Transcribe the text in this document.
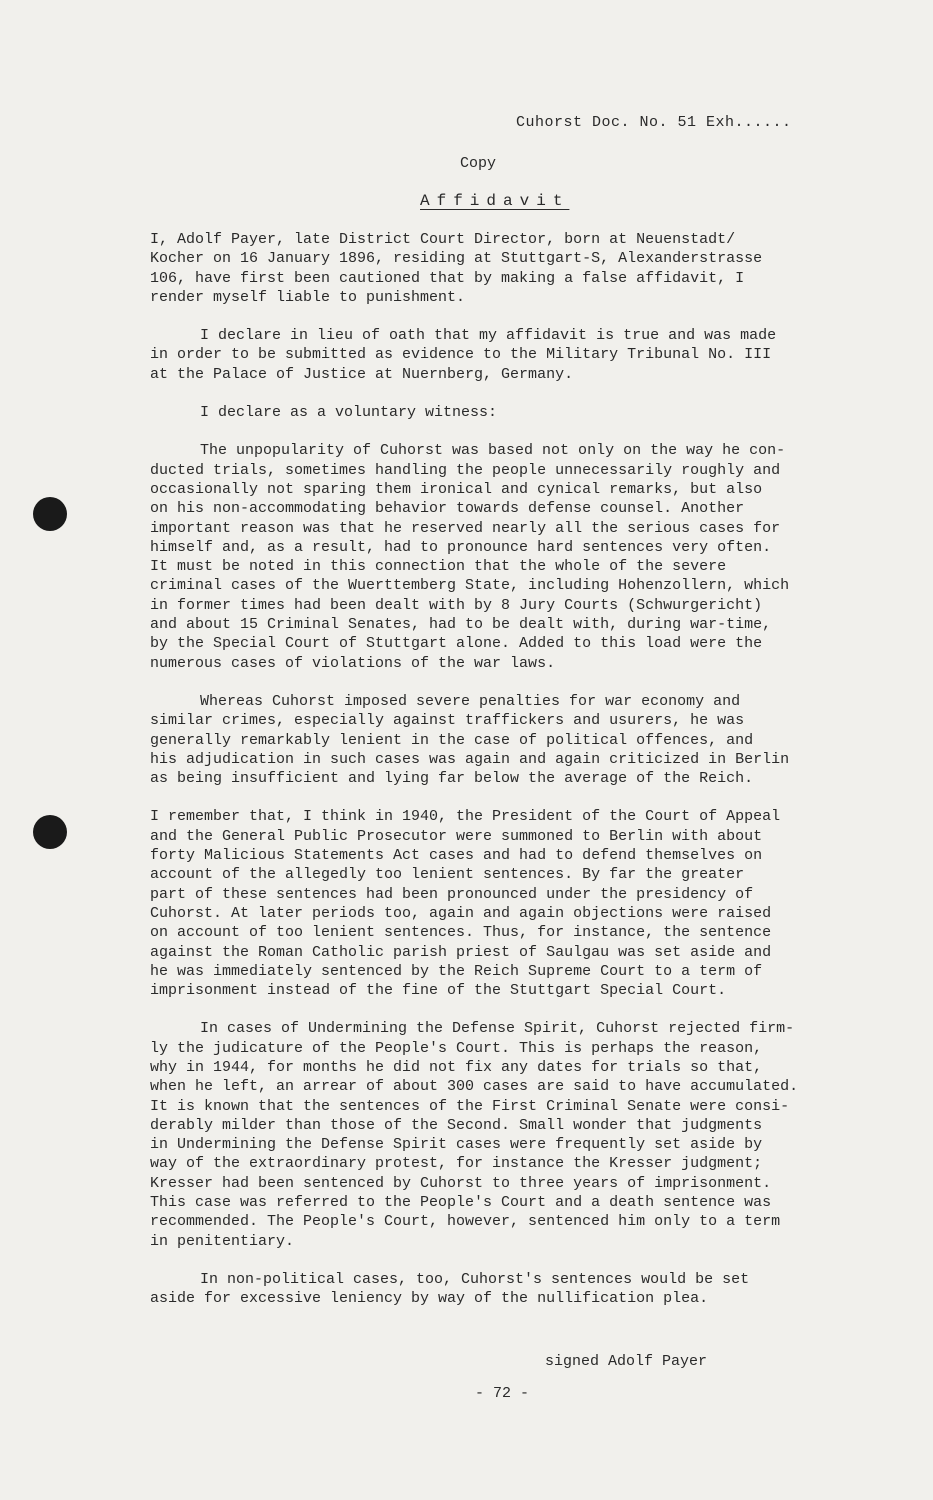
Cuhorst Doc. No. 51 Exh......
Copy
Affidavit

I, Adolf Payer, late District Court Director, born at Neuenstadt/
Kocher on 16 January 1896, residing at Stuttgart-S, Alexanderstrasse
106, have first been cautioned that by making a false affidavit, I
render myself liable to punishment.

I declare in lieu of oath that my affidavit is true and was made
in order to be submitted as evidence to the Military Tribunal No. III
at the Palace of Justice at Nuernberg, Germany.

I declare as a voluntary witness:

The unpopularity of Cuhorst was based not only on the way he con-
ducted trials, sometimes handling the people unnecessarily roughly and
occasionally not sparing them ironical and cynical remarks, but also
on his non-accommodating behavior towards defense counsel. Another
important reason was that he reserved nearly all the serious cases for
himself and, as a result, had to pronounce hard sentences very often.
It must be noted in this connection that the whole of the severe
criminal cases of the Wuerttemberg State, including Hohenzollern, which
in former times had been dealt with by 8 Jury Courts (Schwurgericht)
and about 15 Criminal Senates, had to be dealt with, during war-time,
by the Special Court of Stuttgart alone. Added to this load were the
numerous cases of violations of the war laws.

Whereas Cuhorst imposed severe penalties for war economy and
similar crimes, especially against traffickers and usurers, he was
generally remarkably lenient in the case of political offences, and
his adjudication in such cases was again and again criticized in Berlin
as being insufficient and lying far below the average of the Reich.

I remember that, I think in 1940, the President of the Court of Appeal
and the General Public Prosecutor were summoned to Berlin with about
forty Malicious Statements Act cases and had to defend themselves on
account of the allegedly too lenient sentences. By far the greater
part of these sentences had been pronounced under the presidency of
Cuhorst. At later periods too, again and again objections were raised
on account of too lenient sentences. Thus, for instance, the sentence
against the Roman Catholic parish priest of Saulgau was set aside and
he was immediately sentenced by the Reich Supreme Court to a term of
imprisonment instead of the fine of the Stuttgart Special Court.

In cases of Undermining the Defense Spirit, Cuhorst rejected firm-
ly the judicature of the People's Court. This is perhaps the reason,
why in 1944, for months he did not fix any dates for trials so that,
when he left, an arrear of about 300 cases are said to have accumulated.
It is known that the sentences of the First Criminal Senate were consi-
derably milder than those of the Second. Small wonder that judgments
in Undermining the Defense Spirit cases were frequently set aside by
way of the extraordinary protest, for instance the Kresser judgment;
Kresser had been sentenced by Cuhorst to three years of imprisonment.
This case was referred to the People's Court and a death sentence was
recommended. The People's Court, however, sentenced him only to a term
in penitentiary.

In non-political cases, too, Cuhorst's sentences would be set
aside for excessive leniency by way of the nullification plea.

signed Adolf Payer
- 72 -
